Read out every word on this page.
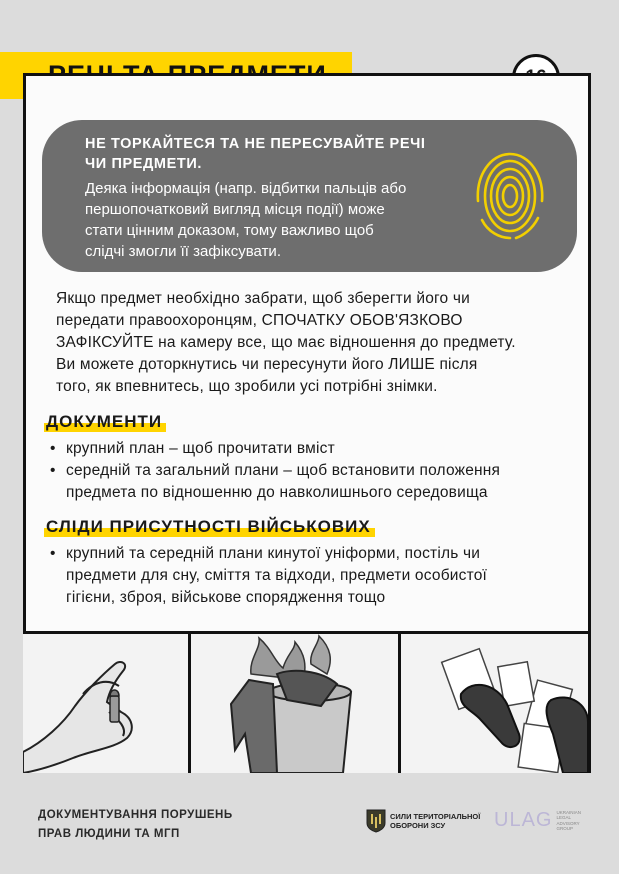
НЕ ТОРКАЙТЕСЯ ТА НЕ ПЕРЕСУВАЙТЕ РЕЧІ
ЧИ ПРЕДМЕТИ.

Деяка інформація (напр. відбитки пальців або
першопочатковий вигляд місця події) може
стати цінним доказом, тому важливо щоб
слідчі змогли її зафіксувати.

Якщо предмет необхідно забрати, щоб зберегти його чи
передати правоохоронцям, СПОЧАТКУ ОБОВ'ЯЗКОВО
ЗАФІКСУЙТЕ на камеру все, що має відношення до предмету.
Ви можете доторкнутись чи пересунути його ЛИШЕ після
того, як впевнитесь, що зробили усі потрібні знімки.

ДОКУМЕНТИ
• крупний план – щоб прочитати вміст
• середній та загальний плани – щоб встановити положення
предмета по відношенню до навколишнього середовища
СЛІДИ ПРИСУТНОСТІ ВІЙСЬКОВИХ
• крупний та середній плани кинутої уніформи, постіль чи
предмети для сну, сміття та відходи, предмети особистої
гігієни, зброя, військове спорядження тощо

ДОКУМЕНТУВАННЯ ПОРУШЕНЬ
ПРАВ ЛЮДИНИ ТА МГП

СИЛИ ТЕРИТОРІАЛЬНОЇ
ОБОРОНИ ЗСУ	ULAG UKRAINIAN
LEGAL
ADVISORY
GROUP
